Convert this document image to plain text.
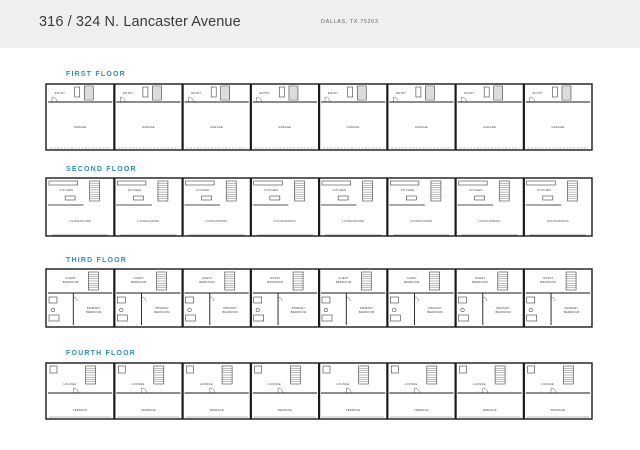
316 / 324 N. Lancaster Avenue	DALLAS, TX 75203
FIRST FLOOR
ENTRY
GARAGE
ENTRY
GARAGE
ENTRY
GARAGE
ENTRY
GARAGE
ENTRY
GARAGE
ENTRY
GARAGE
ENTRY
GARAGE
ENTRY
GARAGE
SECOND FLOOR
KITCHEN
LIVING/DINING
KITCHEN
LIVING/DINING
KITCHEN
LIVING/DINING
KITCHEN
LIVING/DINING
KITCHEN
LIVING/DINING
KITCHEN
LIVING/DINING
KITCHEN
LIVING/DINING
KITCHEN
LIVING/DINING
THIRD FLOOR
GUEST
BEDROOM
PRIMARY
BEDROOM
GUEST
BEDROOM
PRIMARY
BEDROOM
GUEST
BEDROOM
PRIMARY
BEDROOM
GUEST
BEDROOM
PRIMARY
BEDROOM
GUEST
BEDROOM
PRIMARY
BEDROOM
GUEST
BEDROOM
PRIMARY
BEDROOM
GUEST
BEDROOM
PRIMARY
BEDROOM
GUEST
BEDROOM
PRIMARY
BEDROOM
FOURTH FLOOR
LOUNGE
TERRACE
LOUNGE
TERRACE
LOUNGE
TERRACE
LOUNGE
TERRACE
LOUNGE
TERRACE
LOUNGE
TERRACE
LOUNGE
TERRACE
LOUNGE
TERRACE
